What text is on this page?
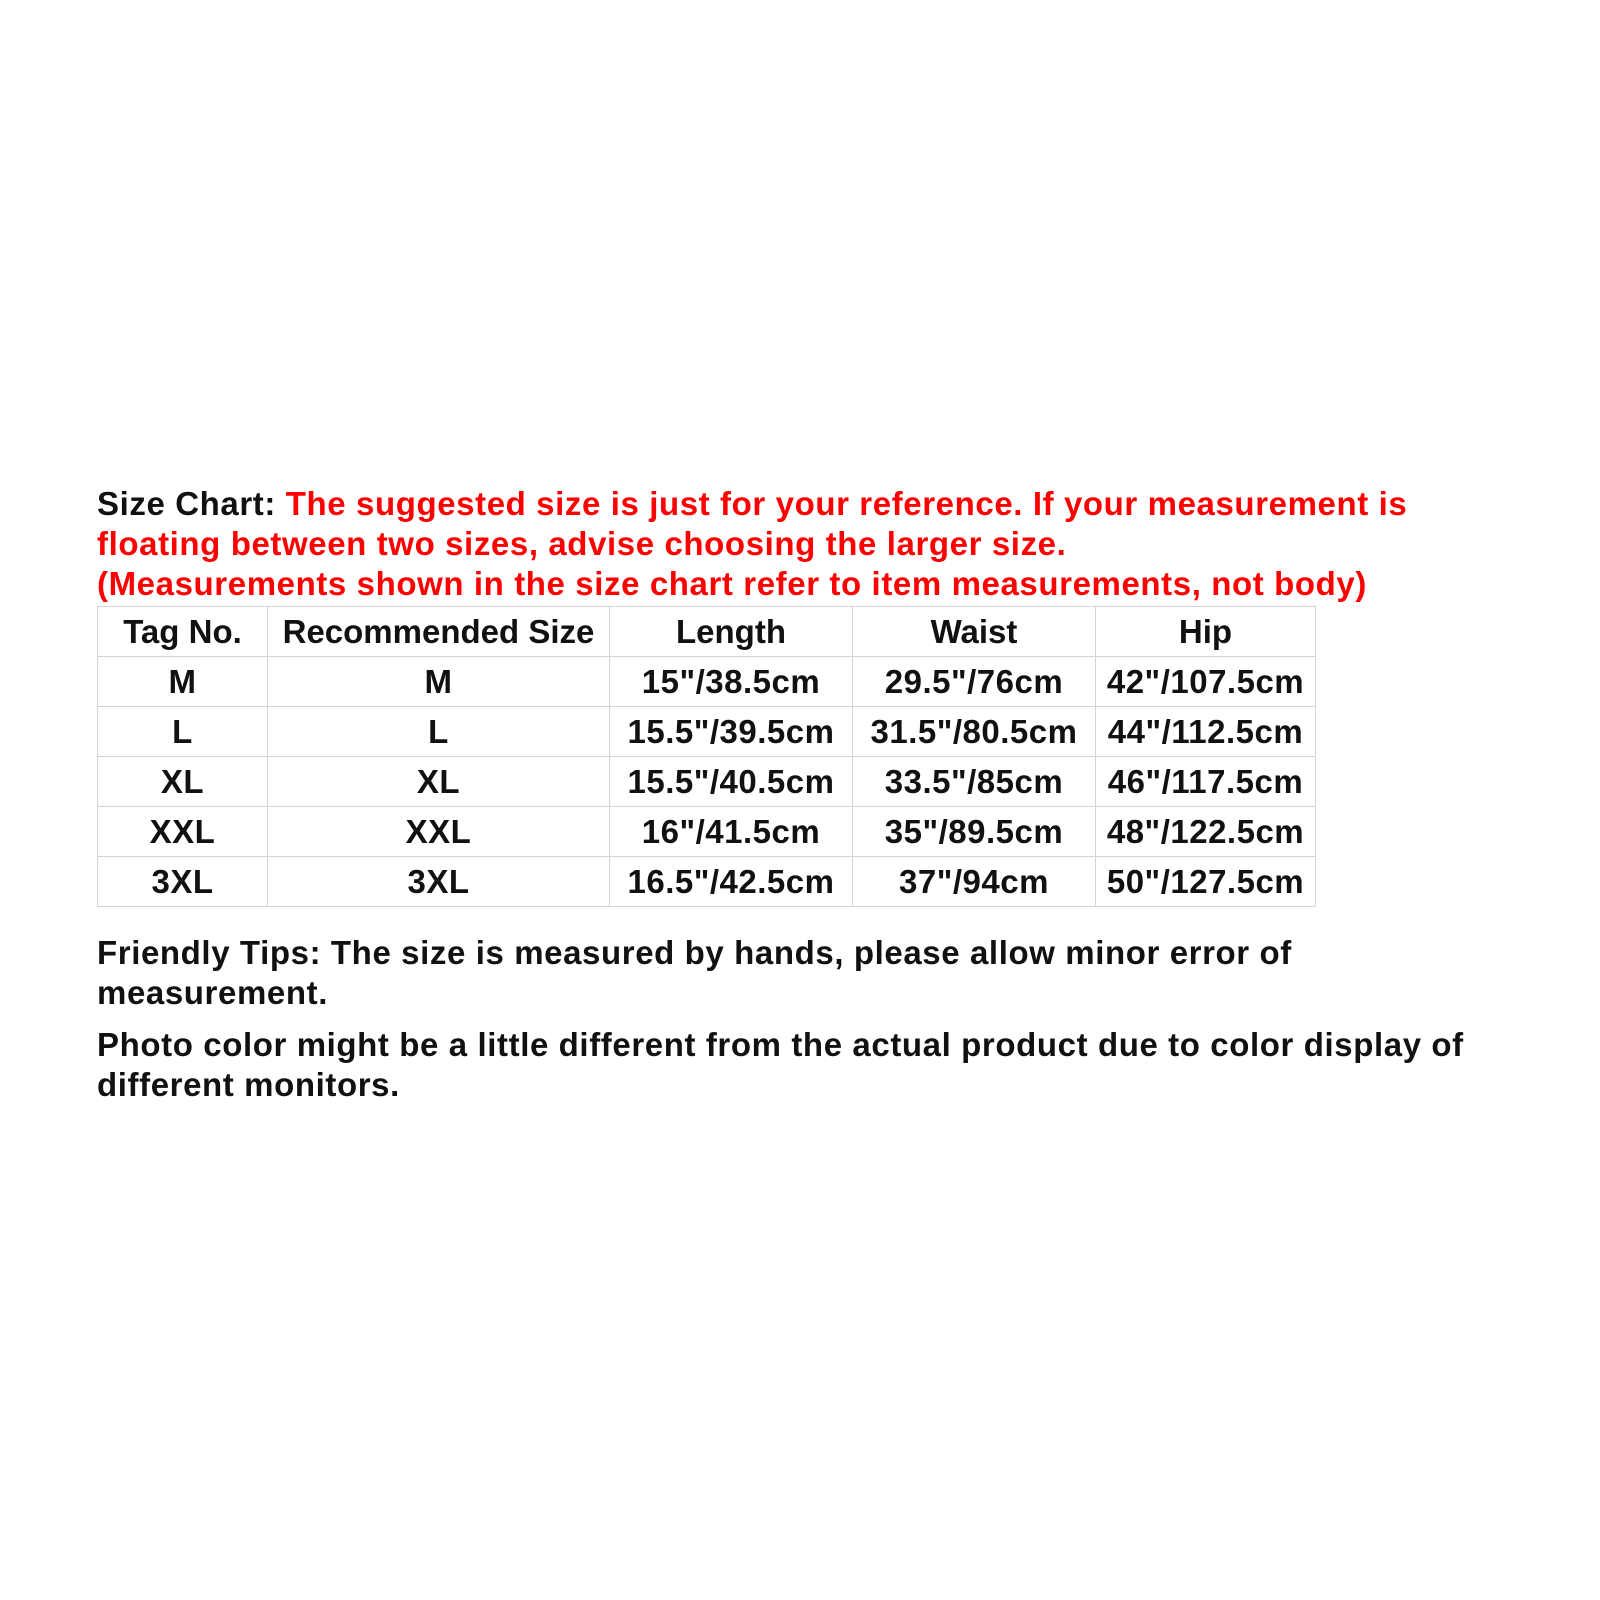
Size Chart: The suggested size is just for your reference. If your measurement is
floating between two sizes, advise choosing the larger size.
(Measurements shown in the size chart refer to item measurements, not body)

Tag No.	Recommended Size	Length	Waist	Hip
M	M	15"/38.5cm	29.5"/76cm	42"/107.5cm
L	L	15.5"/39.5cm	31.5"/80.5cm	44"/112.5cm
XL	XL	15.5"/40.5cm	33.5"/85cm	46"/117.5cm
XXL	XXL	16"/41.5cm	35"/89.5cm	48"/122.5cm
3XL	3XL	16.5"/42.5cm	37"/94cm	50"/127.5cm

Friendly Tips: The size is measured by hands, please allow minor error of
measurement.

Photo color might be a little different from the actual product due to color display of
different monitors.
